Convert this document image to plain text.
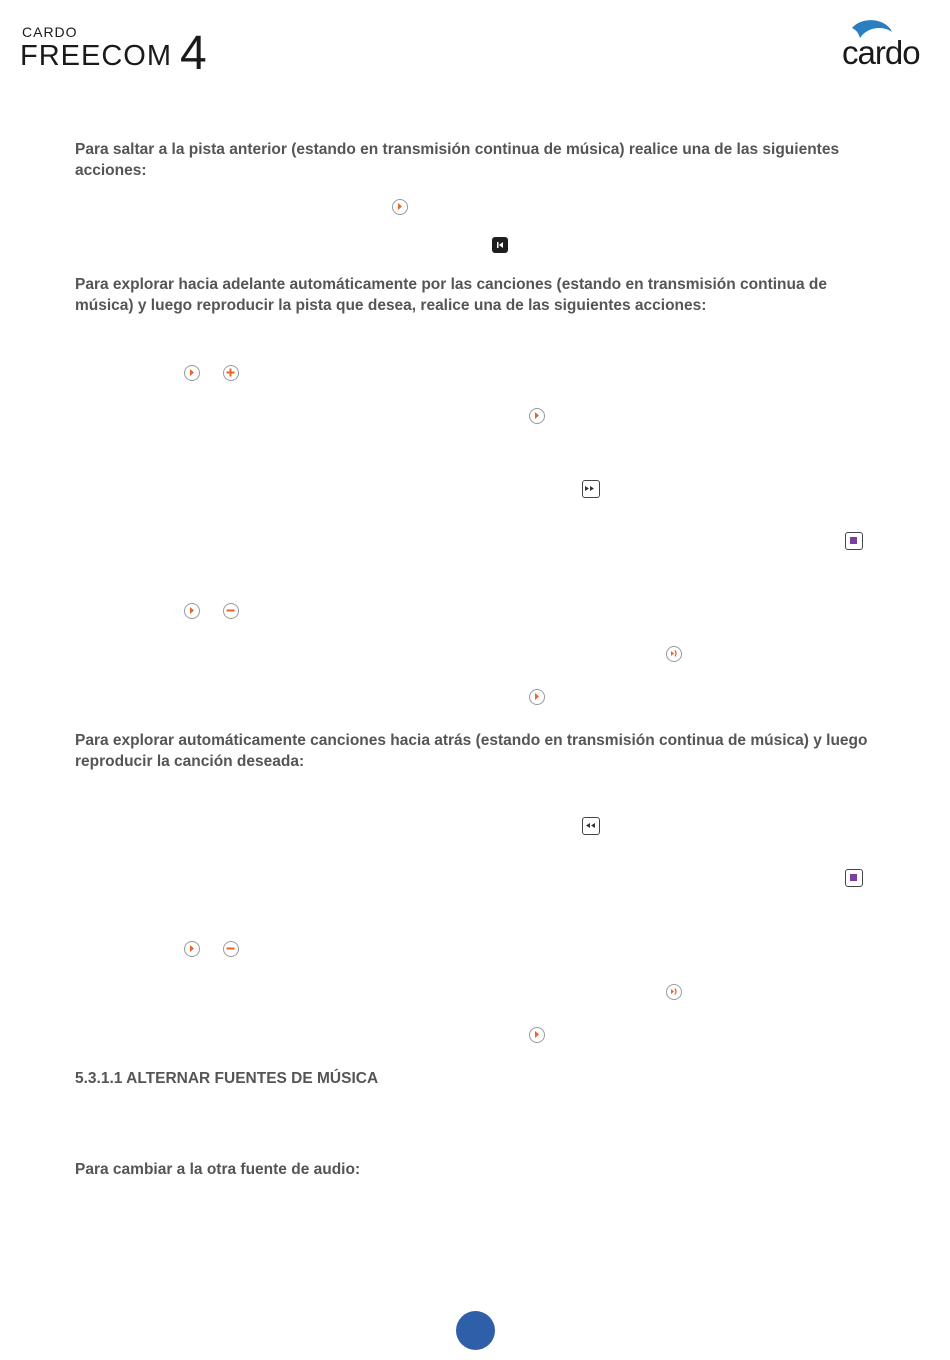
CARDO
FREECOM 4	cardo
Para saltar a la pista anterior (estando en transmisión continua de música) realice una de las siguientes acciones:
Para explorar hacia adelante automáticamente por las canciones (estando en transmisión continua de música) y luego reproducir la pista que desea, realice una de las siguientes acciones:
Para explorar automáticamente canciones hacia atrás (estando en transmisión continua de música) y luego reproducir la canción deseada:
5.3.1.1 ALTERNAR FUENTES DE MÚSICA
Para cambiar a la otra fuente de audio:
